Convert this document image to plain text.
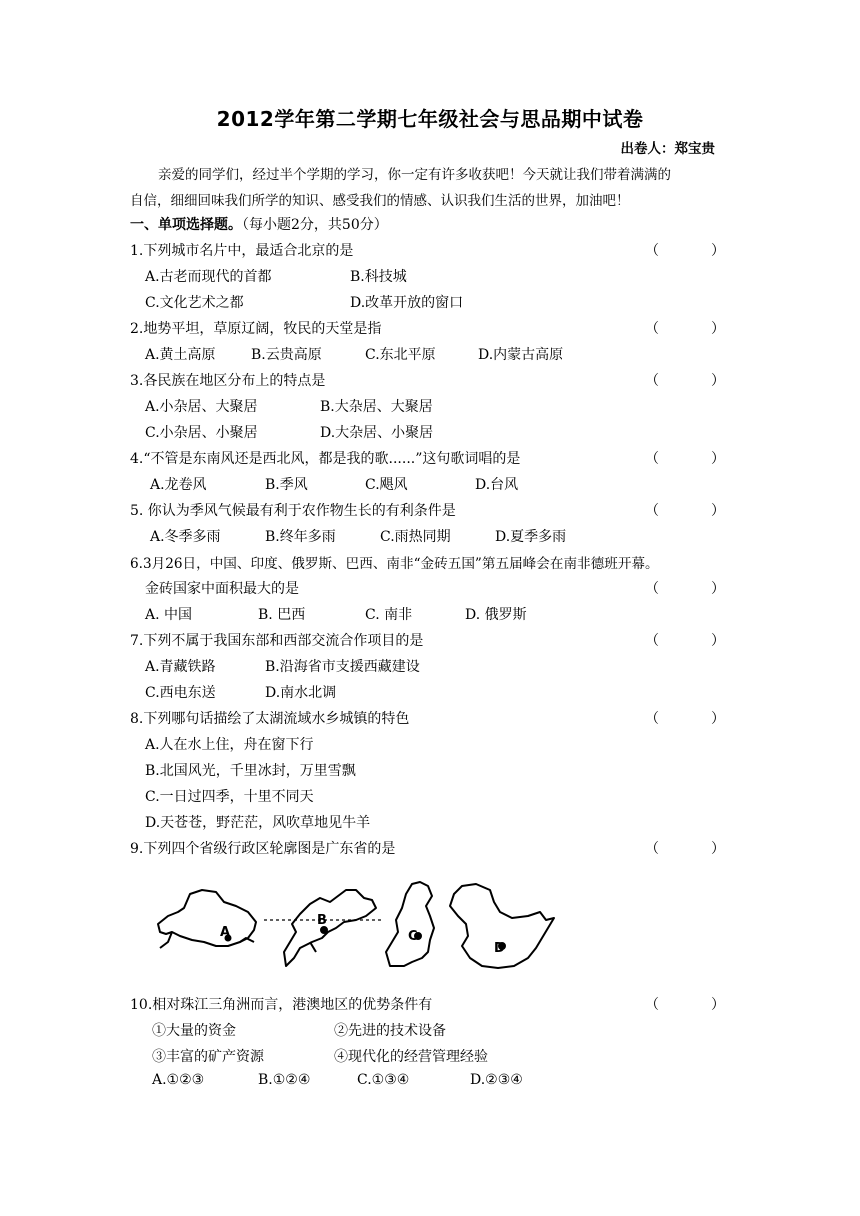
2012学年第二学期七年级社会与思品期中试卷
出卷人：郑宝贵

亲爱的同学们，经过半个学期的学习，你一定有许多收获吧！今天就让我们带着满满的

自信，细细回味我们所学的知识、感受我们的情感、认识我们生活的世界，加油吧！

一、单项选择题。（每小题2分，共50分）
1.下列城市名片中，最适合北京的是	（	）
A.古老而现代的首都	B.科技城
C.文化艺术之都	D.改革开放的窗口
2.地势平坦，草原辽阔，牧民的天堂是指	（	）
A.黄土高原	B.云贵高原	C.东北平原	D.内蒙古高原
3.各民族在地区分布上的特点是	（	）
A.小杂居、大聚居	B.大杂居、大聚居
C.小杂居、小聚居	D.大杂居、小聚居
4.“不管是东南风还是西北风，都是我的歌......”这句歌词唱的是	（	）
A.龙卷风	B.季风	C.飓风	D.台风
5. 你认为季风气候最有利于农作物生长的有利条件是	（	）
A.冬季多雨	B.终年多雨	C.雨热同期	D.夏季多雨
6.3月26日，中国、印度、俄罗斯、巴西、南非“金砖五国”第五届峰会在南非德班开幕。
金砖国家中面积最大的是	（	）
A. 中国	B. 巴西	C. 南非	D. 俄罗斯
7.下列不属于我国东部和西部交流合作项目的是	（	）
A.青藏铁路	B.沿海省市支援西藏建设
C.西电东送	D.南水北调
8.下列哪句话描绘了太湖流域水乡城镇的特色	（	）
A.人在水上住，舟在窗下行
B.北国风光，千里冰封，万里雪飘
C.一日过四季，十里不同天
D.天苍苍，野茫茫，风吹草地见牛羊
9.下列四个省级行政区轮廓图是广东省的是	（	）
A
B
C
D
10.相对珠江三角洲而言，港澳地区的优势条件有	（	）
①大量的资金	②先进的技术设备
③丰富的矿产资源	④现代化的经营管理经验
A.①②③	B.①②④	C.①③④	D.②③④
